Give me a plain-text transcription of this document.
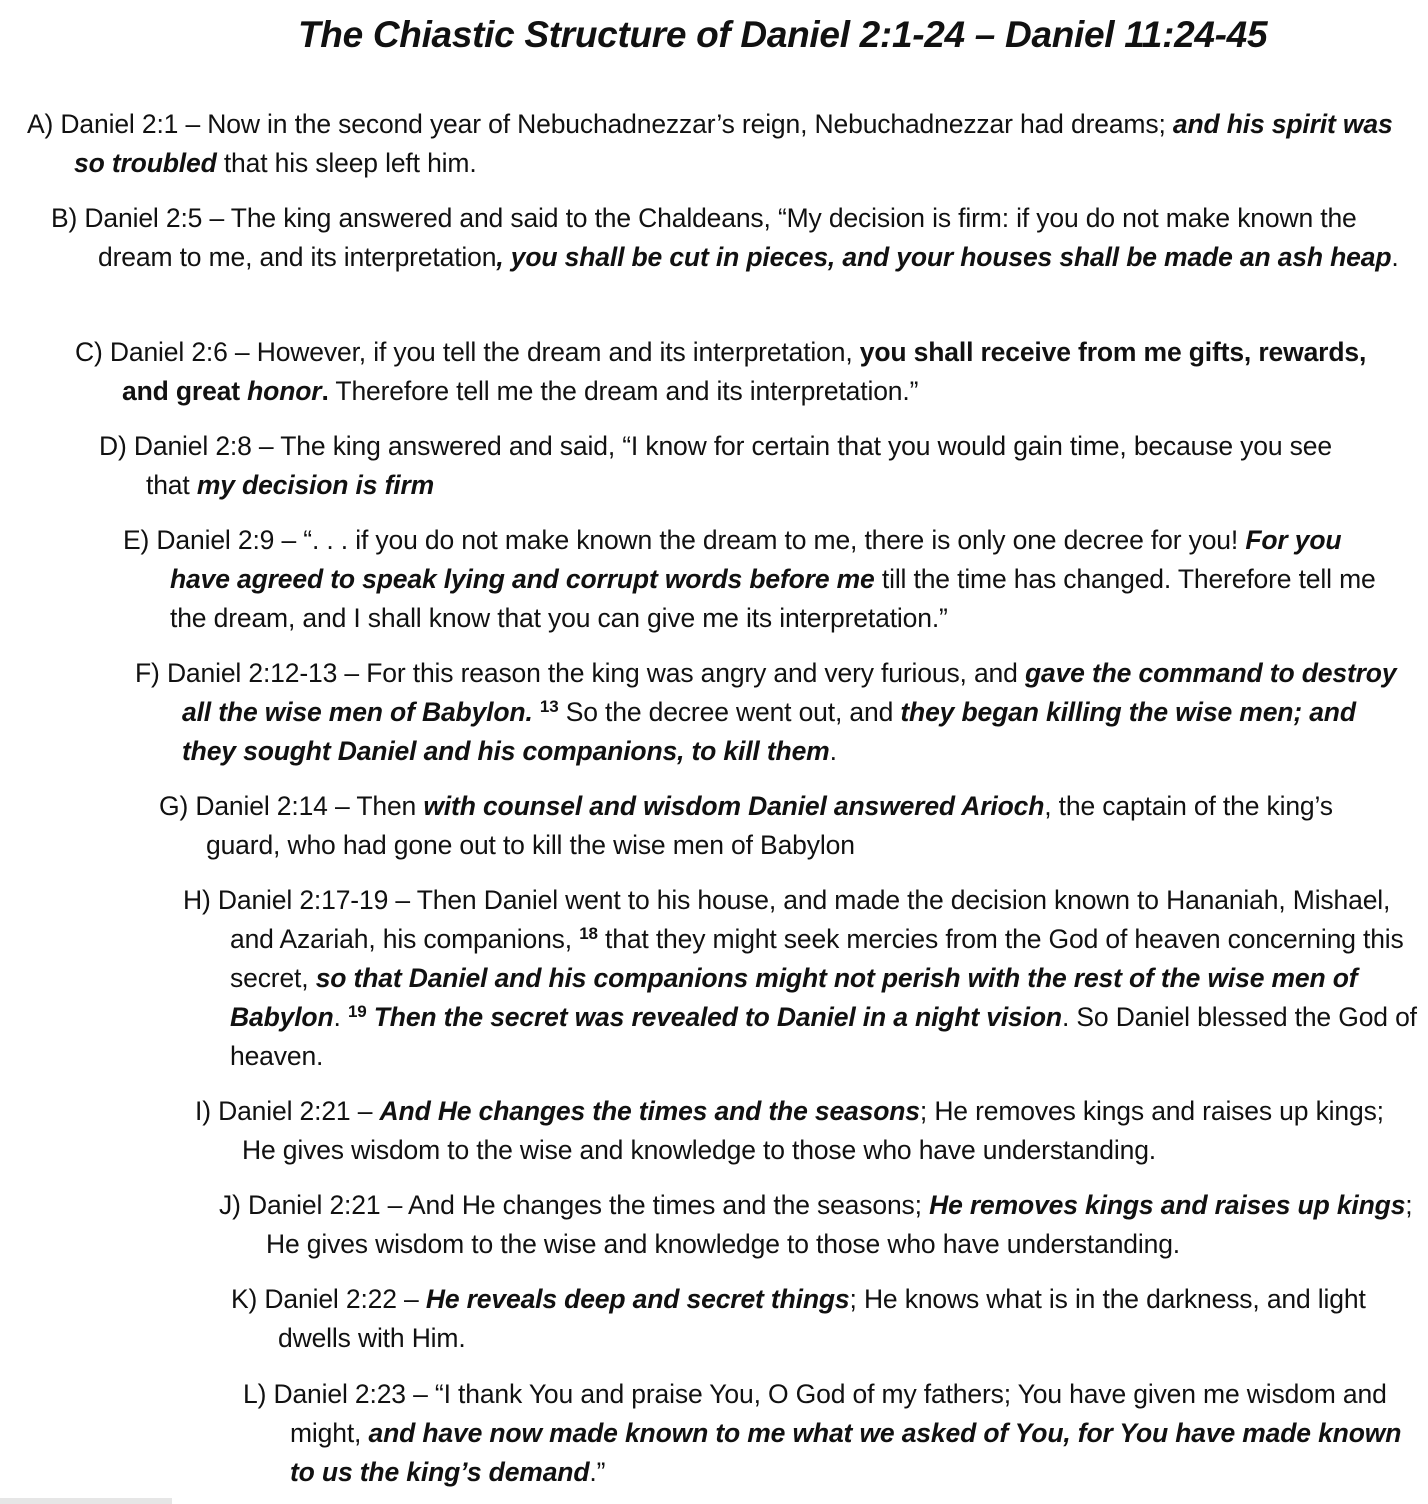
The Chiastic Structure of Daniel 2:1-24 – Daniel 11:24-45

A) Daniel 2:1 – Now in the second year of Nebuchadnezzar’s reign, Nebuchadnezzar had dreams; and his spirit was so troubled that his sleep left him.

B) Daniel 2:5 – The king answered and said to the Chaldeans, “My decision is firm: if you do not make known the dream to me, and its interpretation, you shall be cut in pieces, and your houses shall be made an ash heap.

C) Daniel 2:6 – However, if you tell the dream and its interpretation, you shall receive from me gifts, rewards, and great honor. Therefore tell me the dream and its interpretation.”

D) Daniel 2:8 – The king answered and said, “I know for certain that you would gain time, because you see that my decision is firm

E) Daniel 2:9 – “. . . if you do not make known the dream to me, there is only one decree for you! For you have agreed to speak lying and corrupt words before me till the time has changed. Therefore tell me the dream, and I shall know that you can give me its interpretation.”

F) Daniel 2:12-13 – For this reason the king was angry and very furious, and gave the command to destroy all the wise men of Babylon. $^{13}$ So the decree went out, and they began killing the wise men; and they sought Daniel and his companions, to kill them.

G) Daniel 2:14 – Then with counsel and wisdom Daniel answered Arioch, the captain of the king’s guard, who had gone out to kill the wise men of Babylon

H) Daniel 2:17-19 – Then Daniel went to his house, and made the decision known to Hananiah, Mishael, and Azariah, his companions, $^{18}$ that they might seek mercies from the God of heaven concerning this secret, so that Daniel and his companions might not perish with the rest of the wise men of Babylon. $^{19}$ Then the secret was revealed to Daniel in a night vision. So Daniel blessed the God of heaven.

I) Daniel 2:21 – And He changes the times and the seasons; He removes kings and raises up kings; He gives wisdom to the wise and knowledge to those who have understanding.

J) Daniel 2:21 – And He changes the times and the seasons; He removes kings and raises up kings; He gives wisdom to the wise and knowledge to those who have understanding.

K) Daniel 2:22 – He reveals deep and secret things; He knows what is in the darkness, and light dwells with Him.

L) Daniel 2:23 – “I thank You and praise You, O God of my fathers; You have given me wisdom and might, and have now made known to me what we asked of You, for You have made known to us the king’s demand.”
